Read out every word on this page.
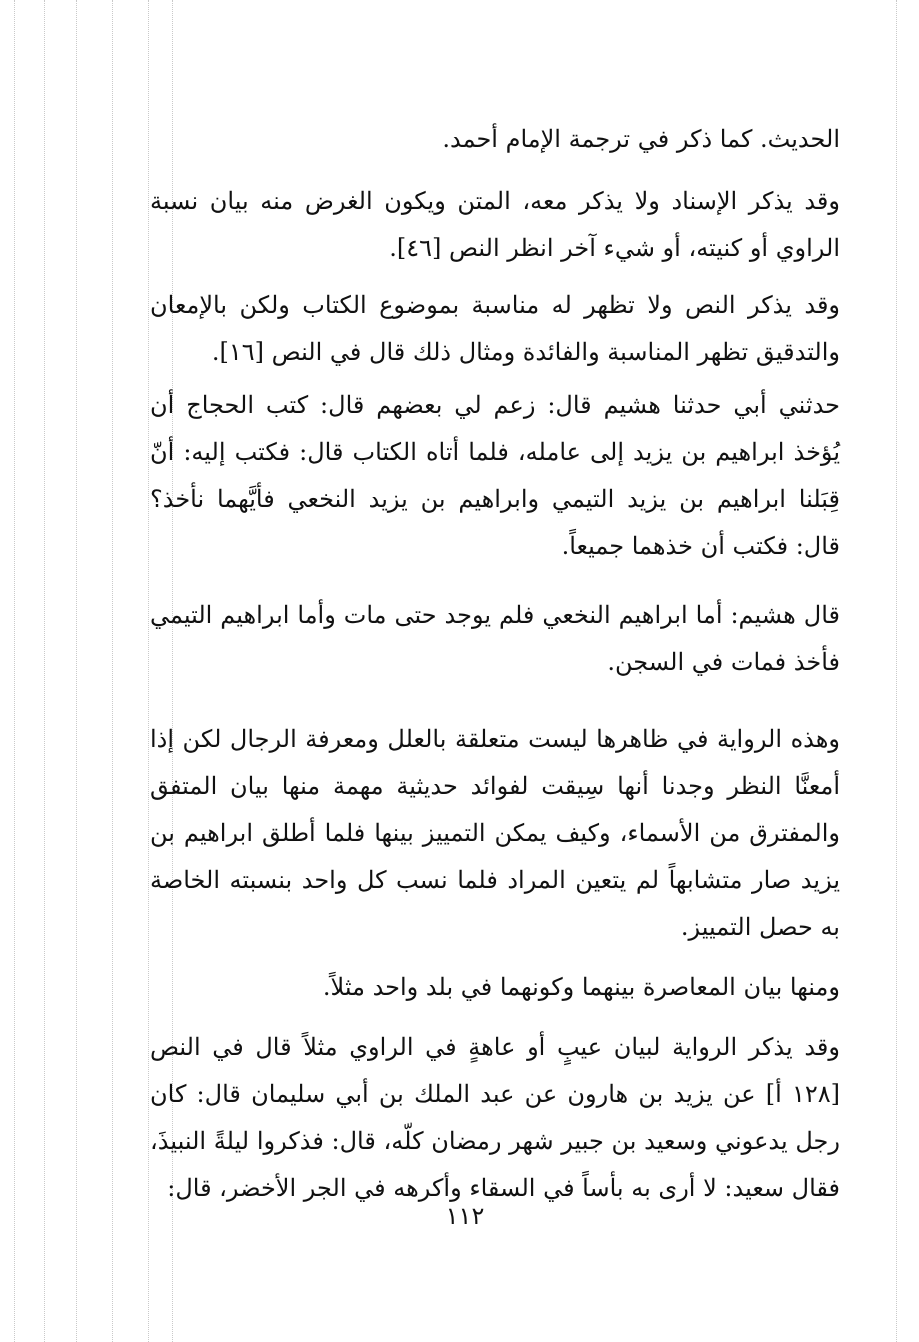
الحديث. كما ذكر في ترجمة الإمام أحمد.

وقد يذكر الإسناد ولا يذكر معه، المتن ويكون الغرض منه بيان نسبة الراوي أو كنيته، أو شيء آخر انظر النص [٤٦].

وقد يذكر النص ولا تظهر له مناسبة بموضوع الكتاب ولكن بالإمعان والتدقيق تظهر المناسبة والفائدة ومثال ذلك قال في النص [١٦].

حدثني أبي حدثنا هشيم قال: زعم لي بعضهم قال: كتب الحجاج أن يُؤخذ ابراهيم بن يزيد إلى عامله، فلما أتاه الكتاب قال: فكتب إليه: أنّ قِبَلنا ابراهيم بن يزيد التيمي وابراهيم بن يزيد النخعي فأيَّهما نأخذ؟ قال: فكتب أن خذهما جميعاً.

قال هشيم: أما ابراهيم النخعي فلم يوجد حتى مات وأما ابراهيم التيمي فأخذ فمات في السجن.

وهذه الرواية في ظاهرها ليست متعلقة بالعلل ومعرفة الرجال لكن إذا أمعنَّا النظر وجدنا أنها سِيقت لفوائد حديثية مهمة منها بيان المتفق والمفترق من الأسماء، وكيف يمكن التمييز بينها فلما أطلق ابراهيم بن يزيد صار متشابهاً لم يتعين المراد فلما نسب كل واحد بنسبته الخاصة به حصل التمييز.

ومنها بيان المعاصرة بينهما وكونهما في بلد واحد مثلاً.

وقد يذكر الرواية لبيان عيبٍ أو عاهةٍ في الراوي مثلاً قال في النص [١٢٨ أ] عن يزيد بن هارون عن عبد الملك بن أبي سليمان قال: كان رجل يدعوني وسعيد بن جبير شهر رمضان كلّه، قال: فذكروا ليلةً النبيذَ، فقال سعيد: لا أرى به بأساً في السقاء وأكرهه في الجر الأخضر، قال:

١١٢
